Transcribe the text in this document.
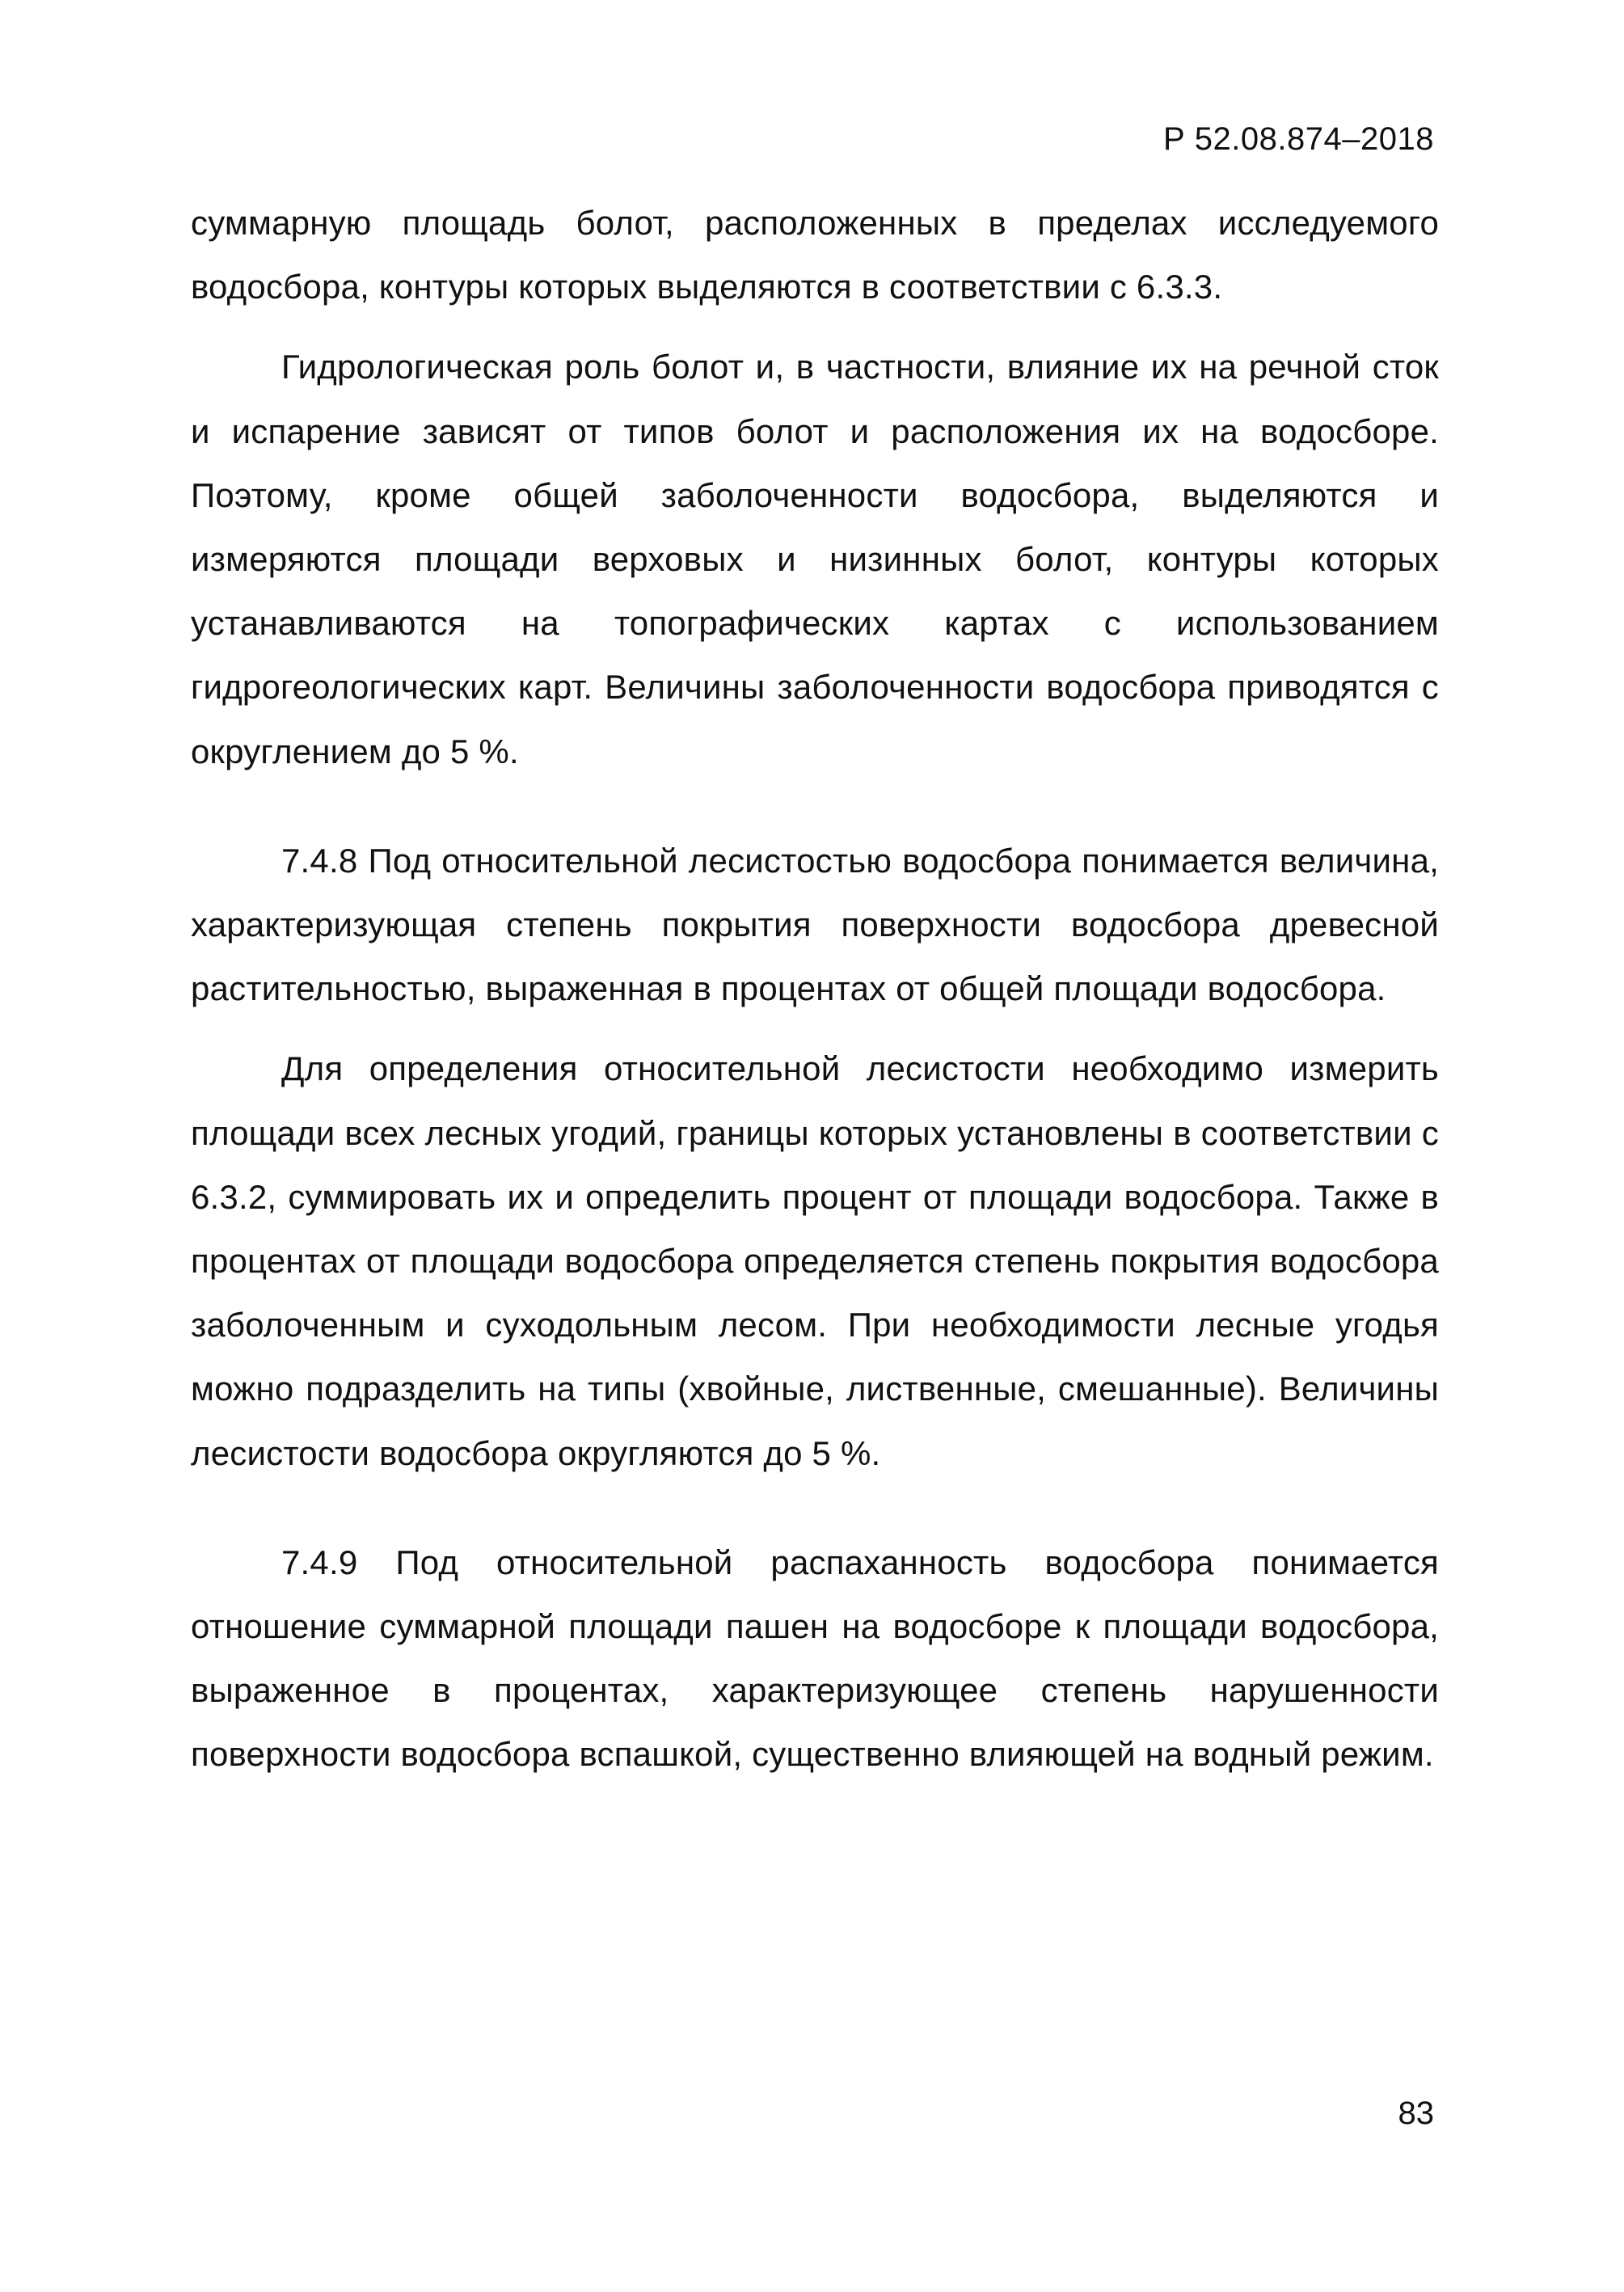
Р 52.08.874–2018

суммарную площадь болот, расположенных в пределах исследуемого водосбора, контуры которых выделяются в соответствии с 6.3.3.

Гидрологическая роль болот и, в частности, влияние их на речной сток и испарение зависят от типов болот и расположения их на водосборе. Поэтому, кроме общей заболоченности водосбора, выделяются и измеряются площади верховых и низинных болот, контуры которых устанавливаются на топографических картах с использованием гидрогеологических карт. Величины заболоченности водосбора приводятся с округлением до 5 %.

7.4.8 Под относительной лесистостью водосбора понимается величина, характеризующая степень покрытия поверхности водосбора древесной растительностью, выраженная в процентах от общей площади водосбора.

Для определения относительной лесистости необходимо измерить площади всех лесных угодий, границы которых установлены в соответствии с 6.3.2, суммировать их и определить процент от площади водосбора. Также в процентах от площади водосбора определяется степень покрытия водосбора заболоченным и суходольным лесом. При необходимости лесные угодья можно подразделить на типы (хвойные, лиственные, смешанные). Величины лесистости водосбора округляются до 5 %.

7.4.9 Под относительной распаханность водосбора понимается отношение суммарной площади пашен на водосборе к площади водосбора, выраженное в процентах, характеризующее степень нарушенности поверхности водосбора вспашкой, существенно влияющей на водный режим.

83
